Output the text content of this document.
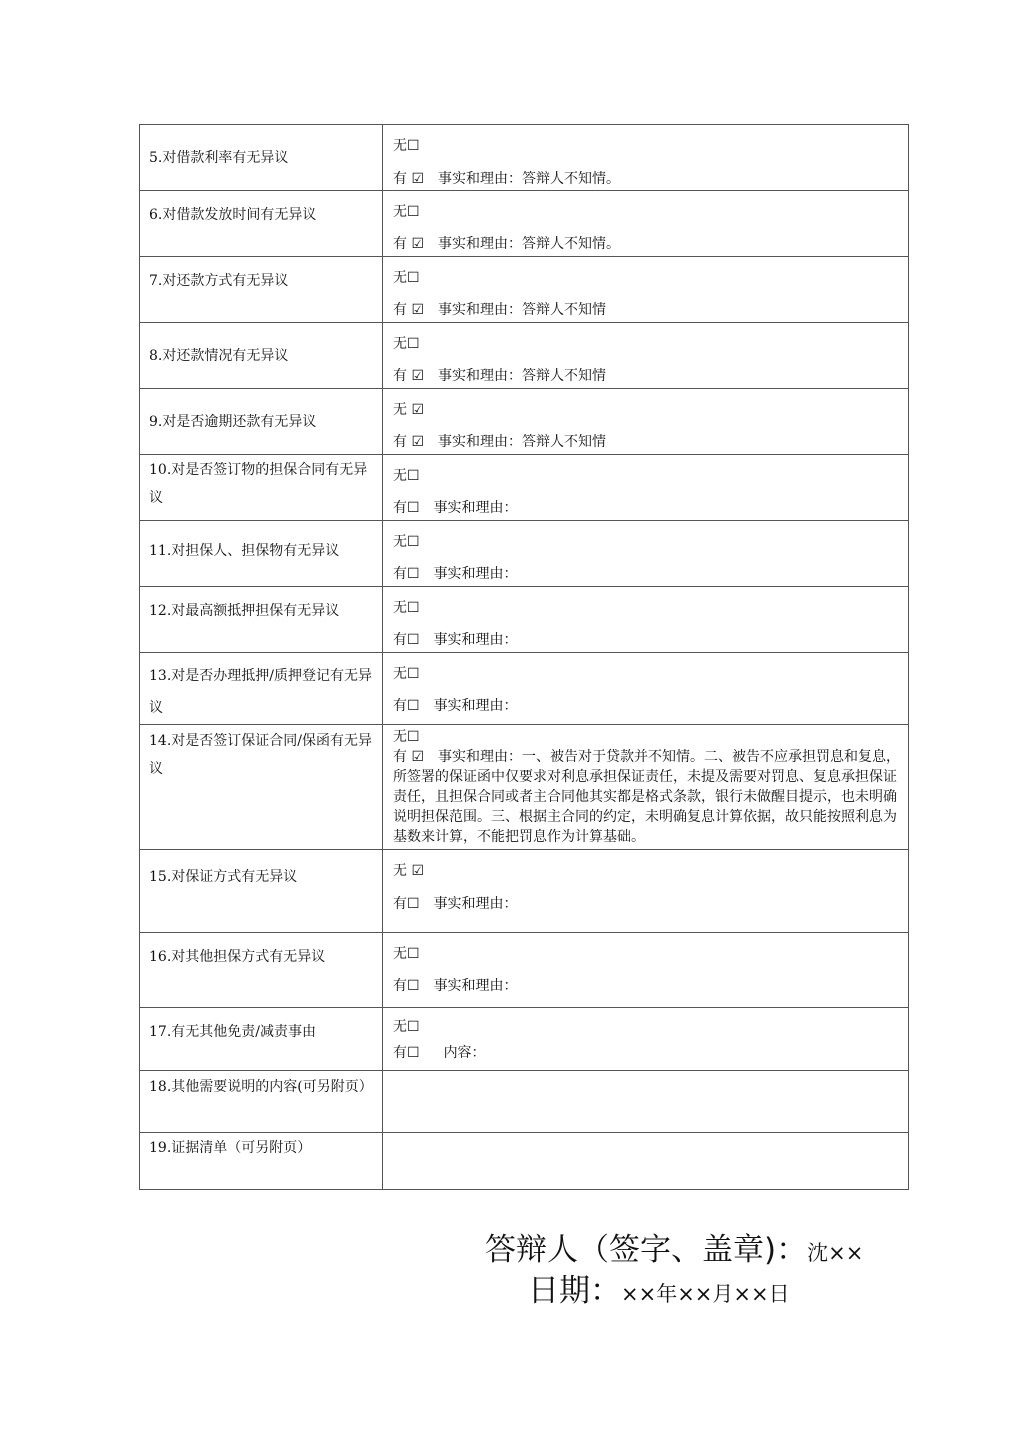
5.对借款利率有无异议	无☐
有 ☑ 事实和理由：答辩人不知情。

6.对借款发放时间有无异议	无☐
有 ☑ 事实和理由：答辩人不知情。

7.对还款方式有无异议	无☐
有 ☑ 事实和理由：答辩人不知情

8.对还款情况有无异议	无☐
有 ☑ 事实和理由：答辩人不知情

9.对是否逾期还款有无异议	无 ☑
有 ☑ 事实和理由：答辩人不知情

10.对是否签订物的担保合同有无异议	无☐
有☐ 事实和理由：

11.对担保人、担保物有无异议	无☐
有☐ 事实和理由：

12.对最高额抵押担保有无异议	无☐
有☐ 事实和理由：

13.对是否办理抵押/质押登记有无异议	无☐
有☐ 事实和理由：

14.对是否签订保证合同/保函有无异议	无☐
有 ☑ 事实和理由：一、被告对于贷款并不知情。二、被告不应承担罚息和复息，所签署的保证函中仅要求对利息承担保证责任，未提及需要对罚息、复息承担保证责任，且担保合同或者主合同他其实都是格式条款，银行未做醒目提示，也未明确说明担保范围。三、根据主合同的约定，未明确复息计算依据，故只能按照利息为基数来计算，不能把罚息作为计算基础。

15.对保证方式有无异议	无 ☑
有☐ 事实和理由：

16.对其他担保方式有无异议	无☐
有☐ 事实和理由：

17.有无其他免责/减责事由	无☐
有☐ 内容：

18.其他需要说明的内容(可另附页）	
19.证据清单（可另附页）	
答辩人（签字、盖章)：沈××
日期：××年××月××日
